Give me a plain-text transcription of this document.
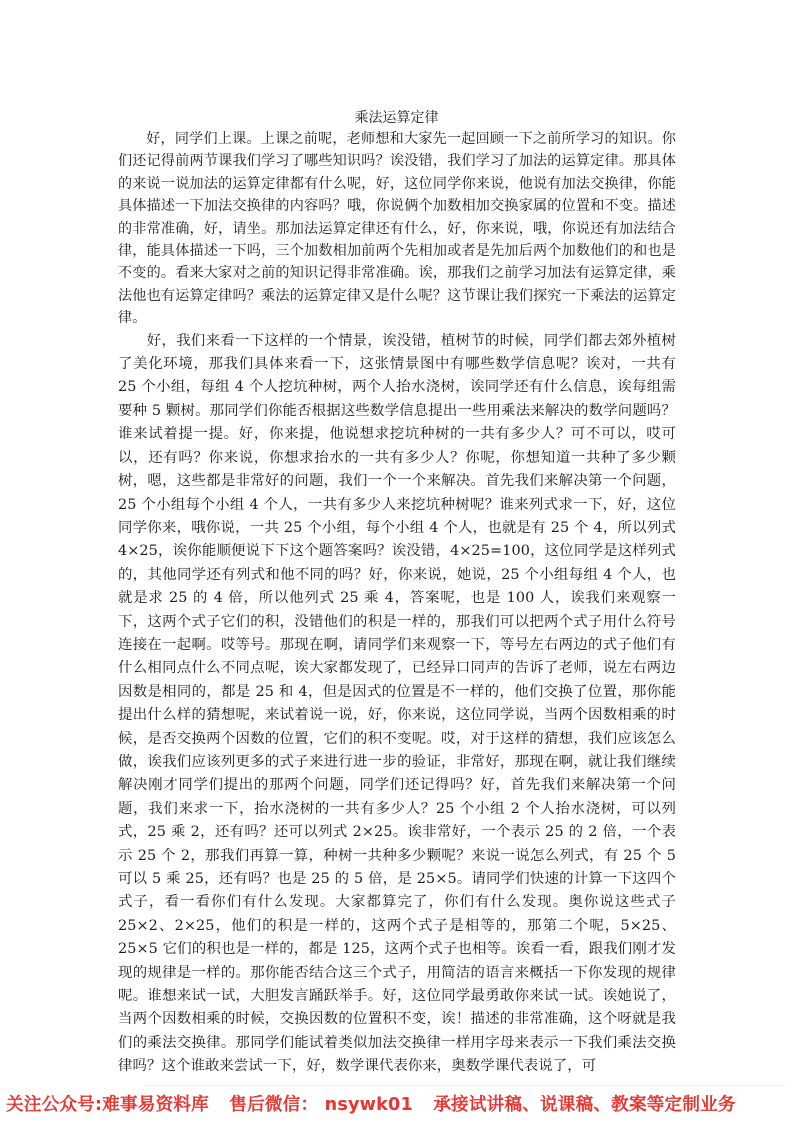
乘法运算定律

好，同学们上课。上课之前呢，老师想和大家先一起回顾一下之前所学习的知识。你们还记得前两节课我们学习了哪些知识吗？诶没错，我们学习了加法的运算定律。那具体的来说一说加法的运算定律都有什么呢，好，这位同学你来说，他说有加法交换律，你能具体描述一下加法交换律的内容吗？哦，你说俩个加数相加交换家属的位置和不变。描述的非常准确，好，请坐。那加法运算定律还有什么，好，你来说，哦，你说还有加法结合律，能具体描述一下吗，三个加数相加前两个先相加或者是先加后两个加数他们的和也是不变的。看来大家对之前的知识记得非常准确。诶，那我们之前学习加法有运算定律，乘法他也有运算定律吗？乘法的运算定律又是什么呢？这节课让我们探究一下乘法的运算定律。

好，我们来看一下这样的一个情景，诶没错，植树节的时候，同学们都去郊外植树了美化环境，那我们具体来看一下，这张情景图中有哪些数学信息呢？诶对，一共有 25 个小组，每组 4 个人挖坑种树，两个人抬水浇树，诶同学还有什么信息，诶每组需要种 5 颗树。那同学们你能否根据这些数学信息提出一些用乘法来解决的数学问题吗？谁来试着提一提。好，你来提，他说想求挖坑种树的一共有多少人？可不可以，哎可以，还有吗？你来说，你想求抬水的一共有多少人？你呢，你想知道一共种了多少颗树，嗯，这些都是非常好的问题，我们一个一个来解决。首先我们来解决第一个问题，25 个小组每个小组 4 个人，一共有多少人来挖坑种树呢？谁来列式求一下，好，这位同学你来，哦你说，一共 25 个小组，每个小组 4 个人，也就是有 25 个 4，所以列式 4×25，诶你能顺便说下下这个题答案吗？诶没错，4×25=100，这位同学是这样列式的，其他同学还有列式和他不同的吗？好，你来说，她说，25 个小组每组 4 个人，也就是求 25 的 4 倍，所以他列式 25 乘 4，答案呢，也是 100 人，诶我们来观察一下，这两个式子它们的积，没错他们的积是一样的，那我们可以把两个式子用什么符号连接在一起啊。哎等号。那现在啊，请同学们来观察一下，等号左右两边的式子他们有什么相同点什么不同点呢，诶大家都发现了，已经异口同声的告诉了老师，说左右两边因数是相同的，都是 25 和 4，但是因式的位置是不一样的，他们交换了位置，那你能提出什么样的猜想呢，来试着说一说，好，你来说，这位同学说，当两个因数相乘的时候，是否交换两个因数的位置，它们的积不变呢。哎，对于这样的猜想，我们应该怎么做，诶我们应该列更多的式子来进行进一步的验证，非常好，那现在啊，就让我们继续解决刚才同学们提出的那两个问题，同学们还记得吗？好，首先我们来解决第一个问题，我们来求一下，抬水浇树的一共有多少人？25 个小组 2 个人抬水浇树，可以列式，25 乘 2，还有吗？还可以列式 2×25。诶非常好，一个表示 25 的 2 倍，一个表示 25 个 2，那我们再算一算，种树一共种多少颗呢？来说一说怎么列式，有 25 个 5 可以 5 乘 25，还有吗？也是 25 的 5 倍，是 25×5。请同学们快速的计算一下这四个式子，看一看你们有什么发现。大家都算完了，你们有什么发现。奥你说这些式子 25×2、2×25，他们的积是一样的，这两个式子是相等的，那第二个呢，5×25、25×5 它们的积也是一样的，都是 125，这两个式子也相等。诶看一看，跟我们刚才发现的规律是一样的。那你能否结合这三个式子，用简洁的语言来概括一下你发现的规律呢。谁想来试一试，大胆发言踊跃举手。好，这位同学最勇敢你来试一试。诶她说了，当两个因数相乘的时候，交换因数的位置积不变，诶！描述的非常准确，这个呀就是我们的乘法交换律。那同学们能试着类似加法交换律一样用字母来表示一下我们乘法交换律吗？这个谁敢来尝试一下，好，数学课代表你来，奥数学课代表说了，可

关注公众号:难事易资料库 售后微信： nsywk01 承接试讲稿、说课稿、教案等定制业务
